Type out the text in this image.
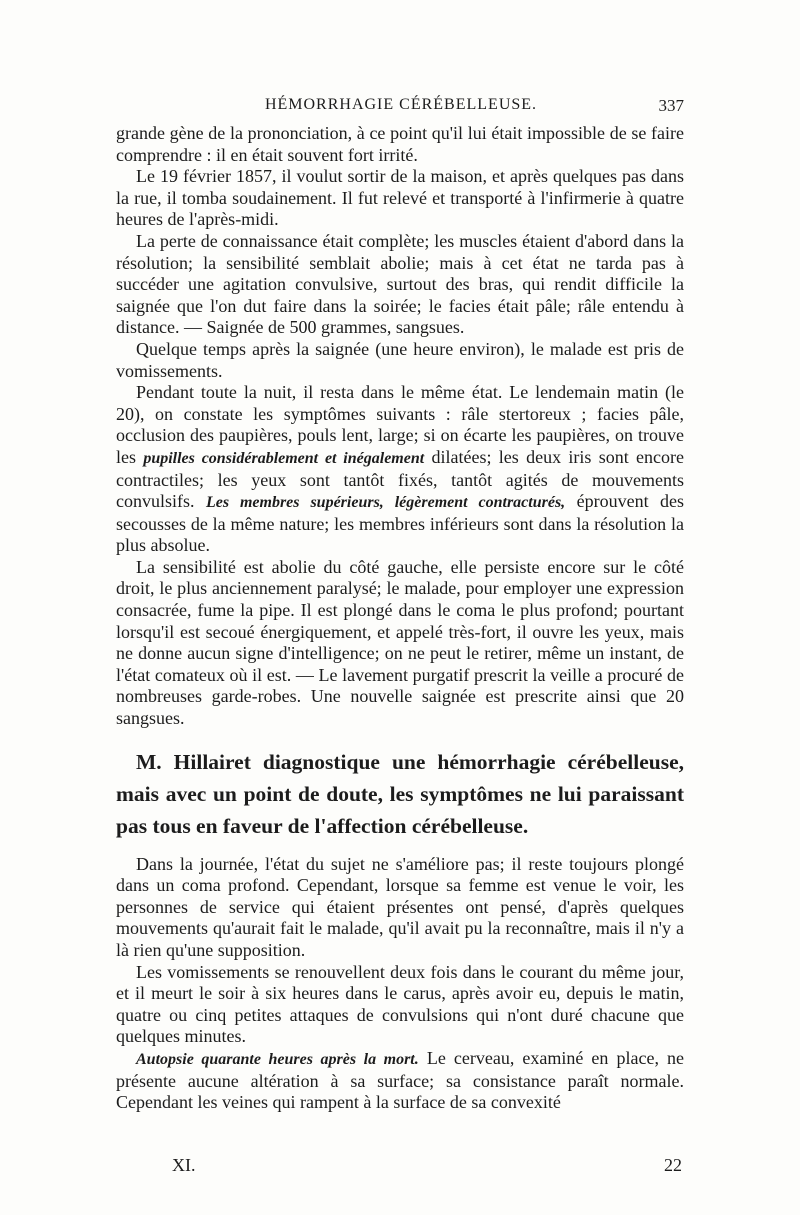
HÉMORRHAGIE CÉRÉBELLEUSE.	337

grande gène de la prononciation, à ce point qu'il lui était impossible de se faire comprendre : il en était souvent fort irrité.

Le 19 février 1857, il voulut sortir de la maison, et après quelques pas dans la rue, il tomba soudainement. Il fut relevé et transporté à l'infirmerie à quatre heures de l'après-midi.

La perte de connaissance était complète; les muscles étaient d'abord dans la résolution; la sensibilité semblait abolie; mais à cet état ne tarda pas à succéder une agitation convulsive, surtout des bras, qui rendit difficile la saignée que l'on dut faire dans la soirée; le facies était pâle; râle entendu à distance. — Saignée de 500 grammes, sangsues.

Quelque temps après la saignée (une heure environ), le malade est pris de vomissements.

Pendant toute la nuit, il resta dans le même état. Le lendemain matin (le 20), on constate les symptômes suivants : râle stertoreux ; facies pâle, occlusion des paupières, pouls lent, large; si on écarte les paupières, on trouve les pupilles considérablement et inégalement dilatées; les deux iris sont encore contractiles; les yeux sont tantôt fixés, tantôt agités de mouvements convulsifs. Les membres supérieurs, légèrement contracturés, éprouvent des secousses de la même nature; les membres inférieurs sont dans la résolution la plus absolue.

La sensibilité est abolie du côté gauche, elle persiste encore sur le côté droit, le plus anciennement paralysé; le malade, pour employer une expression consacrée, fume la pipe. Il est plongé dans le coma le plus profond; pourtant lorsqu'il est secoué énergiquement, et appelé très-fort, il ouvre les yeux, mais ne donne aucun signe d'intelligence; on ne peut le retirer, même un instant, de l'état comateux où il est. — Le lavement purgatif prescrit la veille a procuré de nombreuses garde-robes. Une nouvelle saignée est prescrite ainsi que 20 sangsues.

M. Hillairet diagnostique une hémorrhagie cérébelleuse, mais avec un point de doute, les symptômes ne lui paraissant pas tous en faveur de l'affection cérébelleuse.

Dans la journée, l'état du sujet ne s'améliore pas; il reste toujours plongé dans un coma profond. Cependant, lorsque sa femme est venue le voir, les personnes de service qui étaient présentes ont pensé, d'après quelques mouvements qu'aurait fait le malade, qu'il avait pu la reconnaître, mais il n'y a là rien qu'une supposition.

Les vomissements se renouvellent deux fois dans le courant du même jour, et il meurt le soir à six heures dans le carus, après avoir eu, depuis le matin, quatre ou cinq petites attaques de convulsions qui n'ont duré chacune que quelques minutes.

Autopsie quarante heures après la mort. Le cerveau, examiné en place, ne présente aucune altération à sa surface; sa consistance paraît normale. Cependant les veines qui rampent à la surface de sa convexité

XI.	22
